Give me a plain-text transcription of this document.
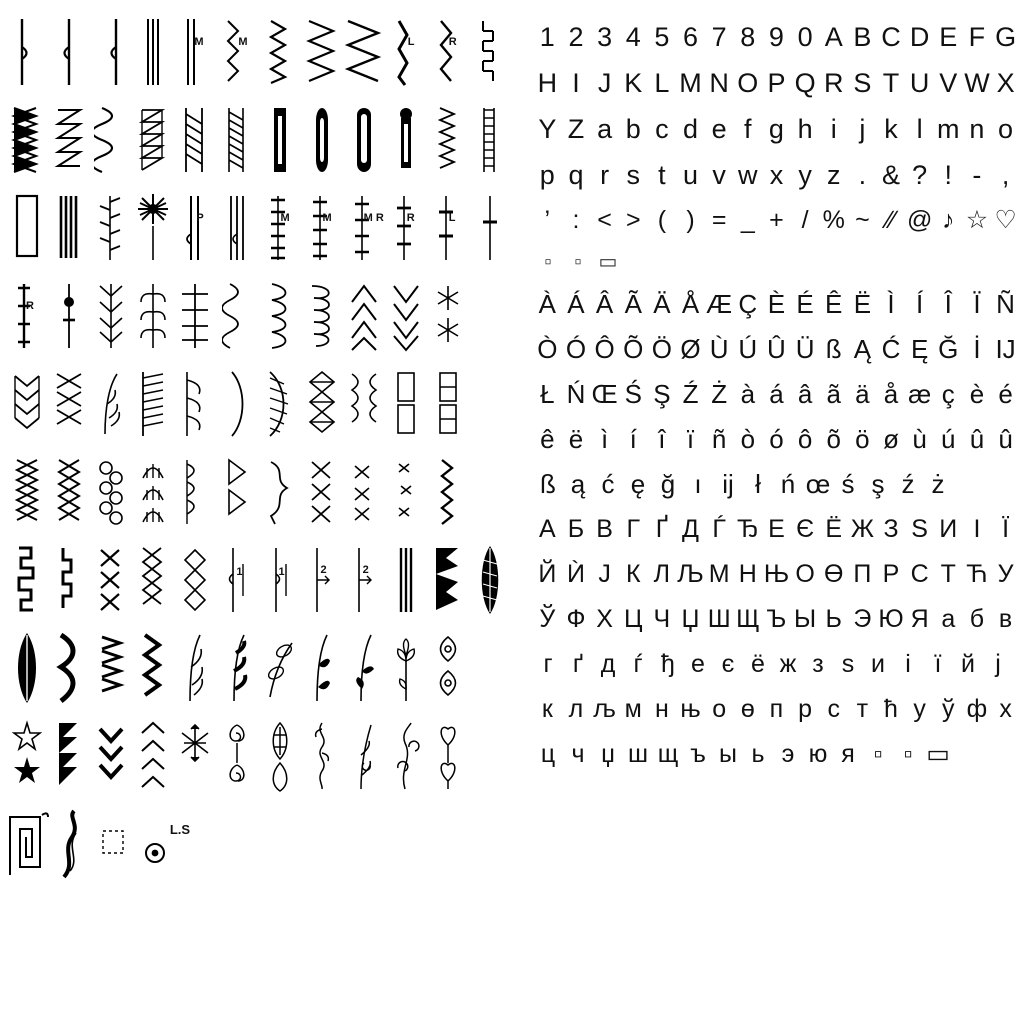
M	M	L	R
P	M	M	M R R	L
R
1	1	2	2
L.S
1 2 3 4 5 6 7 8 9 0 A B C D E F G
H I J K L M N O P Q R S T U V W X
Y Z a b c d e f g h i j k l m n o
p q r s t u v w x y z . & ? ! - ,
’ : < > ( ) = _ + / % ~ ∕∕ @ ♪ ☆ ♡
▫	▫ ▭
À Á Â Ã Ä Å Æ Ç È É Ê Ë Ì Í Î Ï Ñ
Ò Ó Ô Õ Ö Ø Ù Ú Û Ü ß Ą Ć Ę Ğ İ IJ
Ł Ń Œ Ś Ş Ź Ż à á â ã ä å æ ç è é
ê ë ì í î ï ñ ò ó ô õ ö ø ù ú û û
ß ą ć ę ğ ı ij ł ń œ ś ş ź ż
А Б В Г Ґ Д Ѓ Ђ Е Є Ё Ж З Ѕ И І Ї
Й Ѝ Ј К Л Љ М Н Њ О Ө П Р С Т Ћ У
Ў Ф Х Ц Ч Џ Ш Щ Ъ Ы Ь Э Ю Я а б в
г ґ д ѓ ђ е є ё ж з ѕ и і ї й ј
к л љ м н њ о ө п р с т ћ у ў ф х
ц ч џ ш щ ъ ы ь э ю я ▫ ▫ ▭
